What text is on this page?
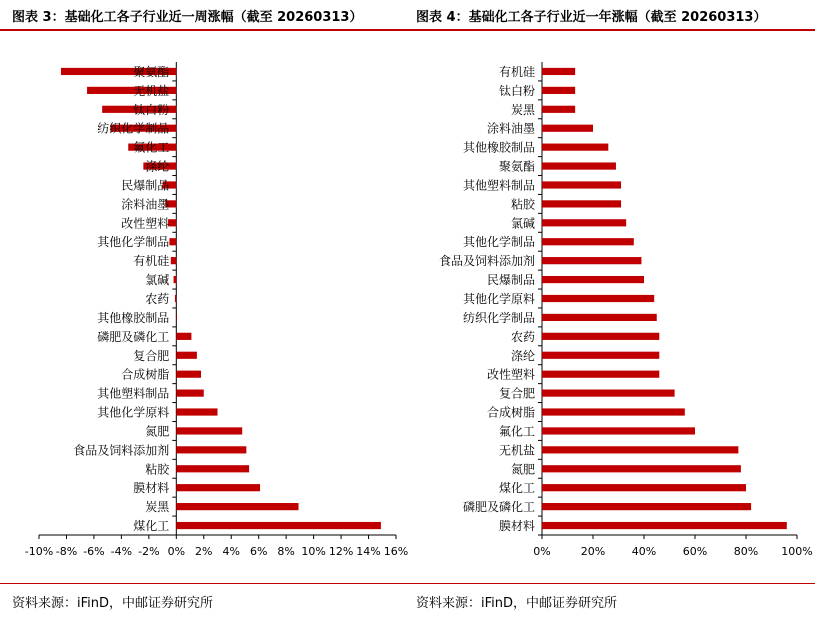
图表 3：基础化工各子行业近一周涨幅（截至 20260313）	图表 4：基础化工各子行业近一年涨幅（截至 20260313）
-10% -8% -6% -4% -2% 0% 2% 4% 6% 8% 10% 12% 14% 16%
聚氨酯
无机盐
钛白粉
纺织化学制品
氟化工
涤纶
民爆制品
涂料油墨
改性塑料
其他化学制品
有机硅
氯碱
农药
其他橡胶制品
磷肥及磷化工
复合肥
合成树脂
其他塑料制品
其他化学原料
氮肥
食品及饲料添加剂
粘胶
膜材料
炭黑
煤化工
0%	20% 40% 60% 80% 100%
有机硅
钛白粉
炭黑
涂料油墨
其他橡胶制品
聚氨酯
其他塑料制品
粘胶
氯碱
其他化学制品
食品及饲料添加剂
民爆制品
其他化学原料
纺织化学制品
农药
涤纶
改性塑料
复合肥
合成树脂
氟化工
无机盐
氮肥
煤化工
磷肥及磷化工
膜材料
资料来源：iFinD，中邮证券研究所	资料来源：iFinD，中邮证券研究所
